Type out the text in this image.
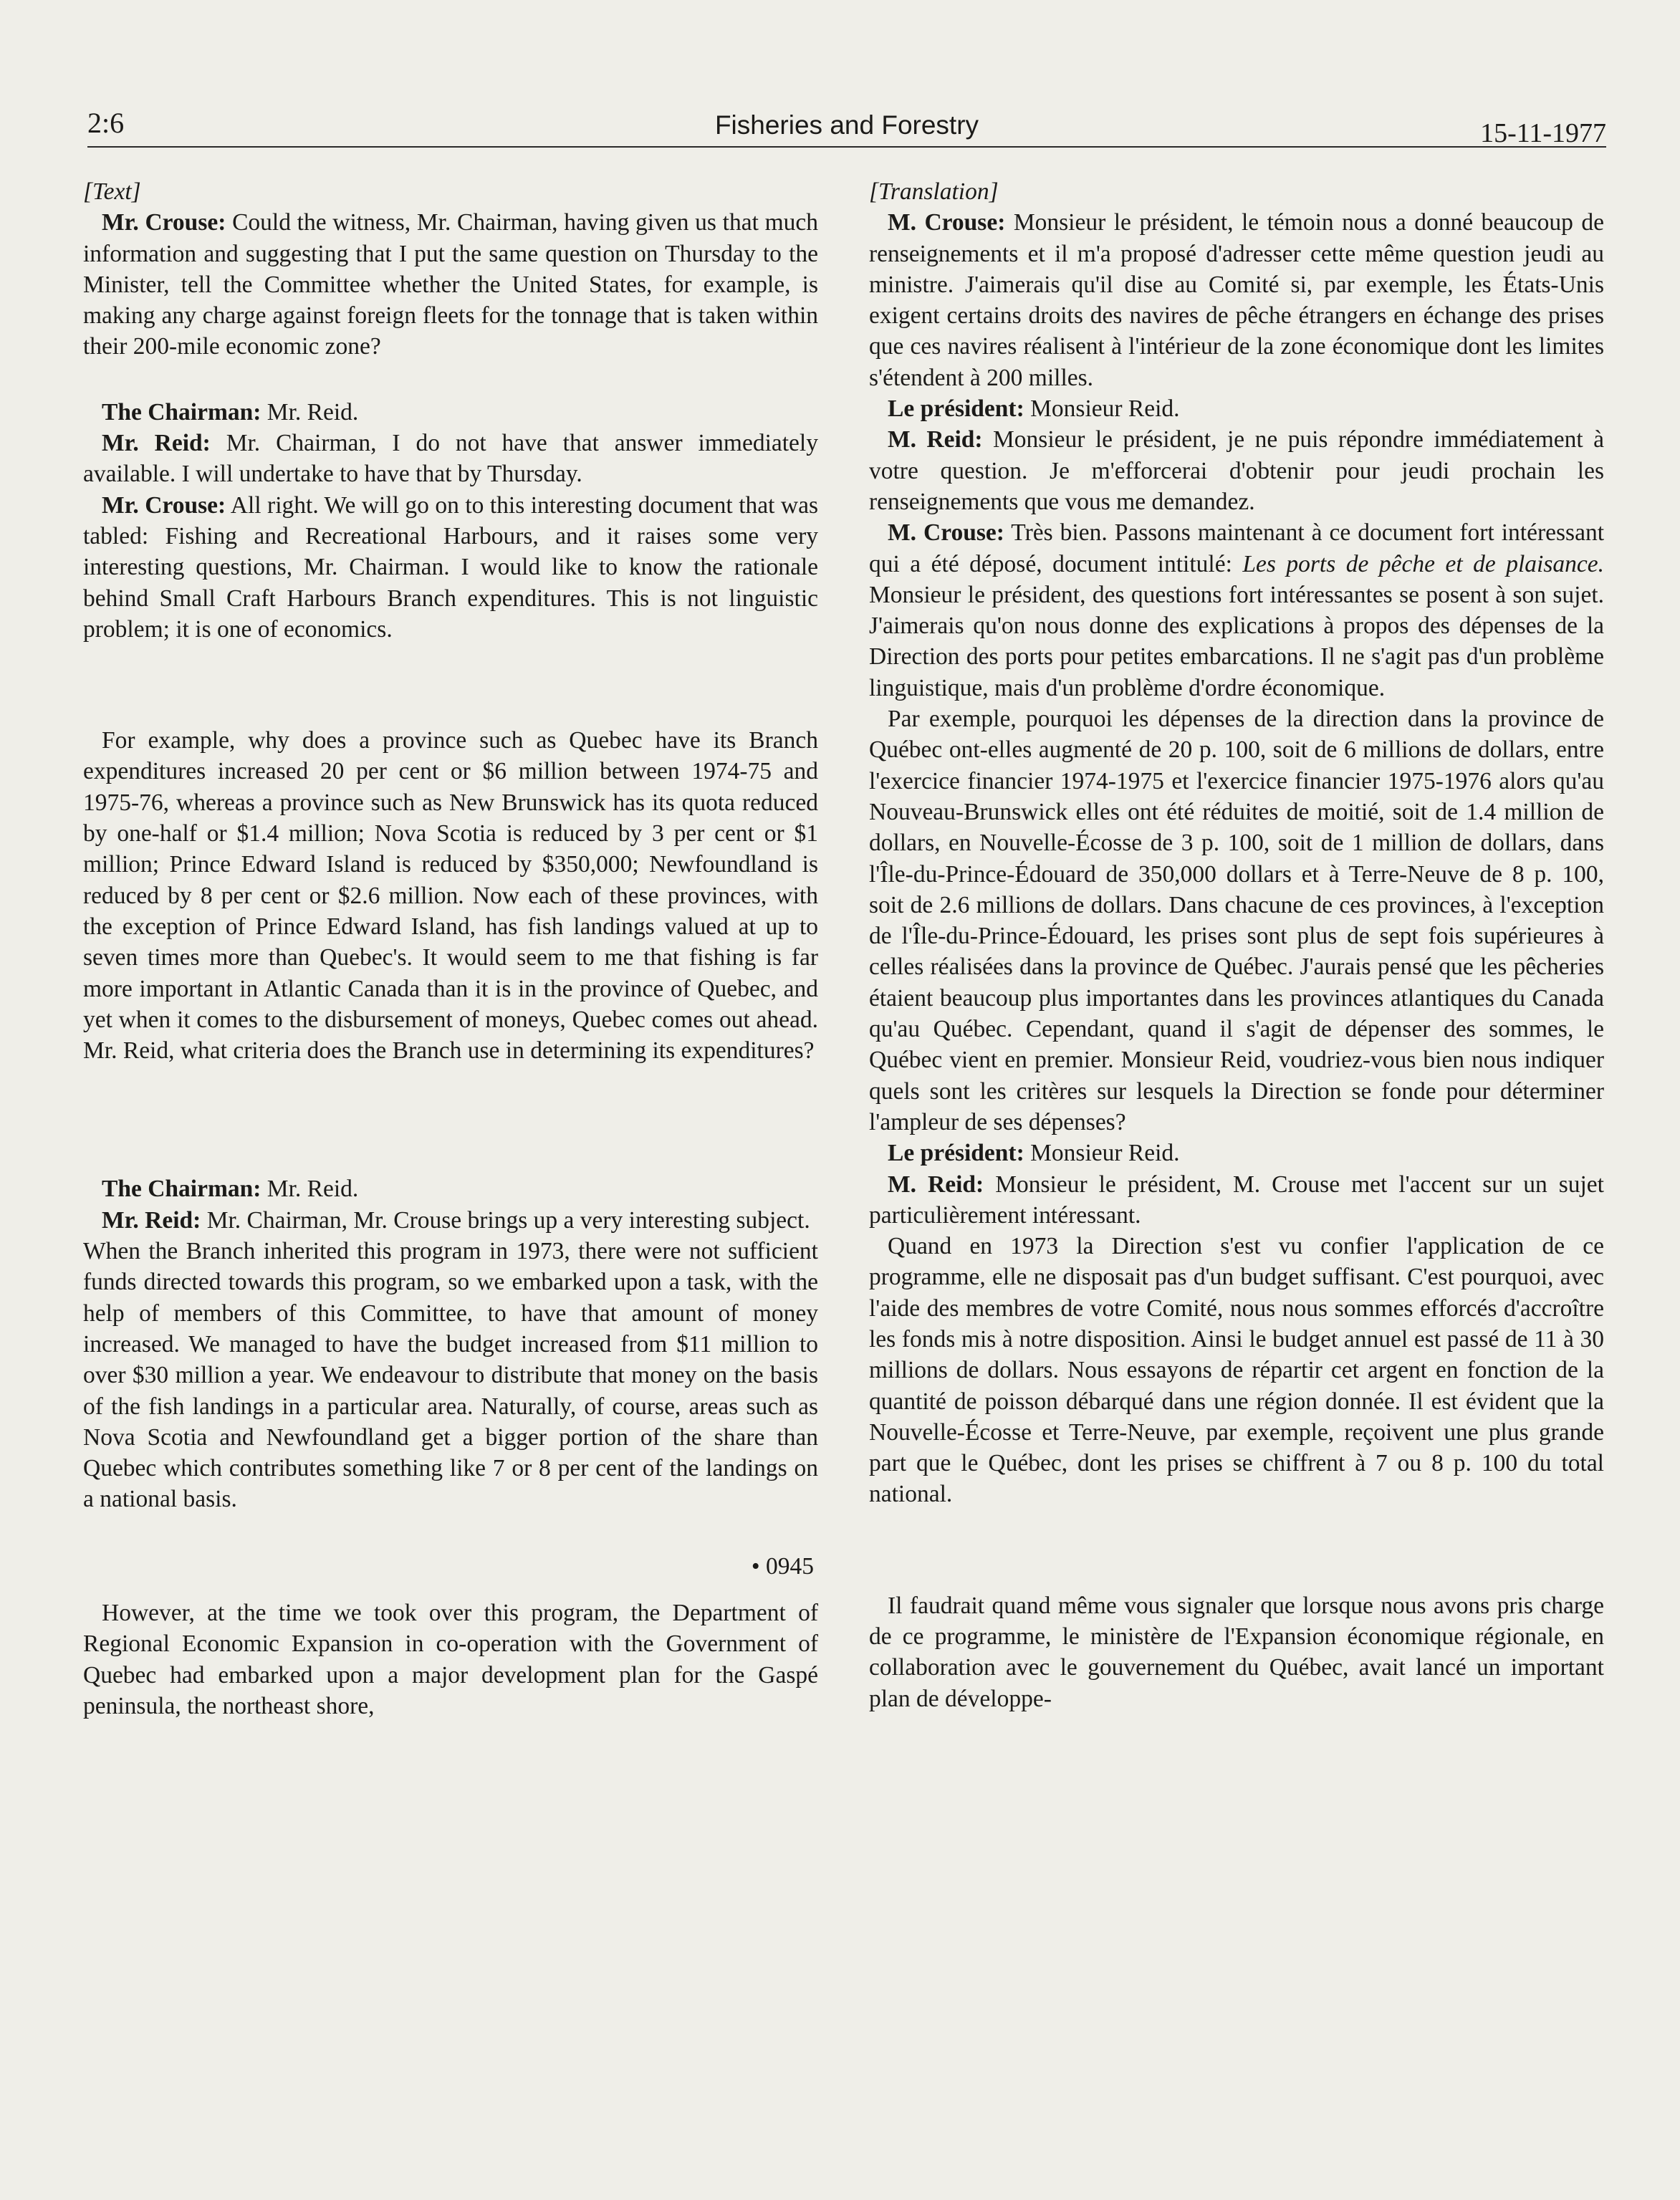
2:6	Fisheries and Forestry	15-11-1977

[Text]

Mr. Crouse: Could the witness, Mr. Chairman, having given us that much information and suggesting that I put the same question on Thursday to the Minister, tell the Committee whether the United States, for example, is making any charge against foreign fleets for the tonnage that is taken within their 200-mile economic zone?

The Chairman: Mr. Reid.

Mr. Reid: Mr. Chairman, I do not have that answer immediately available. I will undertake to have that by Thursday.

Mr. Crouse: All right. We will go on to this interesting document that was tabled: Fishing and Recreational Harbours, and it raises some very interesting questions, Mr. Chairman. I would like to know the rationale behind Small Craft Harbours Branch expenditures. This is not linguistic problem; it is one of economics.

For example, why does a province such as Quebec have its Branch expenditures increased 20 per cent or $6 million between 1974-75 and 1975-76, whereas a province such as New Brunswick has its quota reduced by one-half or $1.4 million; Nova Scotia is reduced by 3 per cent or $1 million; Prince Edward Island is reduced by $350,000; Newfoundland is reduced by 8 per cent or $2.6 million. Now each of these provinces, with the exception of Prince Edward Island, has fish landings valued at up to seven times more than Quebec's. It would seem to me that fishing is far more important in Atlantic Canada than it is in the province of Quebec, and yet when it comes to the disbursement of moneys, Quebec comes out ahead. Mr. Reid, what criteria does the Branch use in determining its expenditures?

The Chairman: Mr. Reid.

Mr. Reid: Mr. Chairman, Mr. Crouse brings up a very interesting subject.

When the Branch inherited this program in 1973, there were not sufficient funds directed towards this program, so we embarked upon a task, with the help of members of this Committee, to have that amount of money increased. We managed to have the budget increased from $11 million to over $30 million a year. We endeavour to distribute that money on the basis of the fish landings in a particular area. Naturally, of course, areas such as Nova Scotia and Newfoundland get a bigger portion of the share than Quebec which contributes something like 7 or 8 per cent of the landings on a national basis.

• 0945

However, at the time we took over this program, the Department of Regional Economic Expansion in co-operation with the Government of Quebec had embarked upon a major development plan for the Gaspé peninsula, the northeast shore,

[Translation]

M. Crouse: Monsieur le président, le témoin nous a donné beaucoup de renseignements et il m'a proposé d'adresser cette même question jeudi au ministre. J'aimerais qu'il dise au Comité si, par exemple, les États-Unis exigent certains droits des navires de pêche étrangers en échange des prises que ces navires réalisent à l'intérieur de la zone économique dont les limites s'étendent à 200 milles.

Le président: Monsieur Reid.

M. Reid: Monsieur le président, je ne puis répondre immédiatement à votre question. Je m'efforcerai d'obtenir pour jeudi prochain les renseignements que vous me demandez.

M. Crouse: Très bien. Passons maintenant à ce document fort intéressant qui a été déposé, document intitulé: Les ports de pêche et de plaisance. Monsieur le président, des questions fort intéressantes se posent à son sujet. J'aimerais qu'on nous donne des explications à propos des dépenses de la Direction des ports pour petites embarcations. Il ne s'agit pas d'un problème linguistique, mais d'un problème d'ordre économique.

Par exemple, pourquoi les dépenses de la direction dans la province de Québec ont-elles augmenté de 20 p. 100, soit de 6 millions de dollars, entre l'exercice financier 1974-1975 et l'exercice financier 1975-1976 alors qu'au Nouveau-Brunswick elles ont été réduites de moitié, soit de 1.4 million de dollars, en Nouvelle-Écosse de 3 p. 100, soit de 1 million de dollars, dans l'Île-du-Prince-Édouard de 350,000 dollars et à Terre-Neuve de 8 p. 100, soit de 2.6 millions de dollars. Dans chacune de ces provinces, à l'exception de l'Île-du-Prince-Édouard, les prises sont plus de sept fois supérieures à celles réalisées dans la province de Québec. J'aurais pensé que les pêcheries étaient beaucoup plus importantes dans les provinces atlantiques du Canada qu'au Québec. Cependant, quand il s'agit de dépenser des sommes, le Québec vient en premier. Monsieur Reid, voudriez-vous bien nous indiquer quels sont les critères sur lesquels la Direction se fonde pour déterminer l'ampleur de ses dépenses?

Le président: Monsieur Reid.

M. Reid: Monsieur le président, M. Crouse met l'accent sur un sujet particulièrement intéressant.

Quand en 1973 la Direction s'est vu confier l'application de ce programme, elle ne disposait pas d'un budget suffisant. C'est pourquoi, avec l'aide des membres de votre Comité, nous nous sommes efforcés d'accroître les fonds mis à notre disposition. Ainsi le budget annuel est passé de 11 à 30 millions de dollars. Nous essayons de répartir cet argent en fonction de la quantité de poisson débarqué dans une région donnée. Il est évident que la Nouvelle-Écosse et Terre-Neuve, par exemple, reçoivent une plus grande part que le Québec, dont les prises se chiffrent à 7 ou 8 p. 100 du total national.

Il faudrait quand même vous signaler que lorsque nous avons pris charge de ce programme, le ministère de l'Expansion économique régionale, en collaboration avec le gouvernement du Québec, avait lancé un important plan de développe-
